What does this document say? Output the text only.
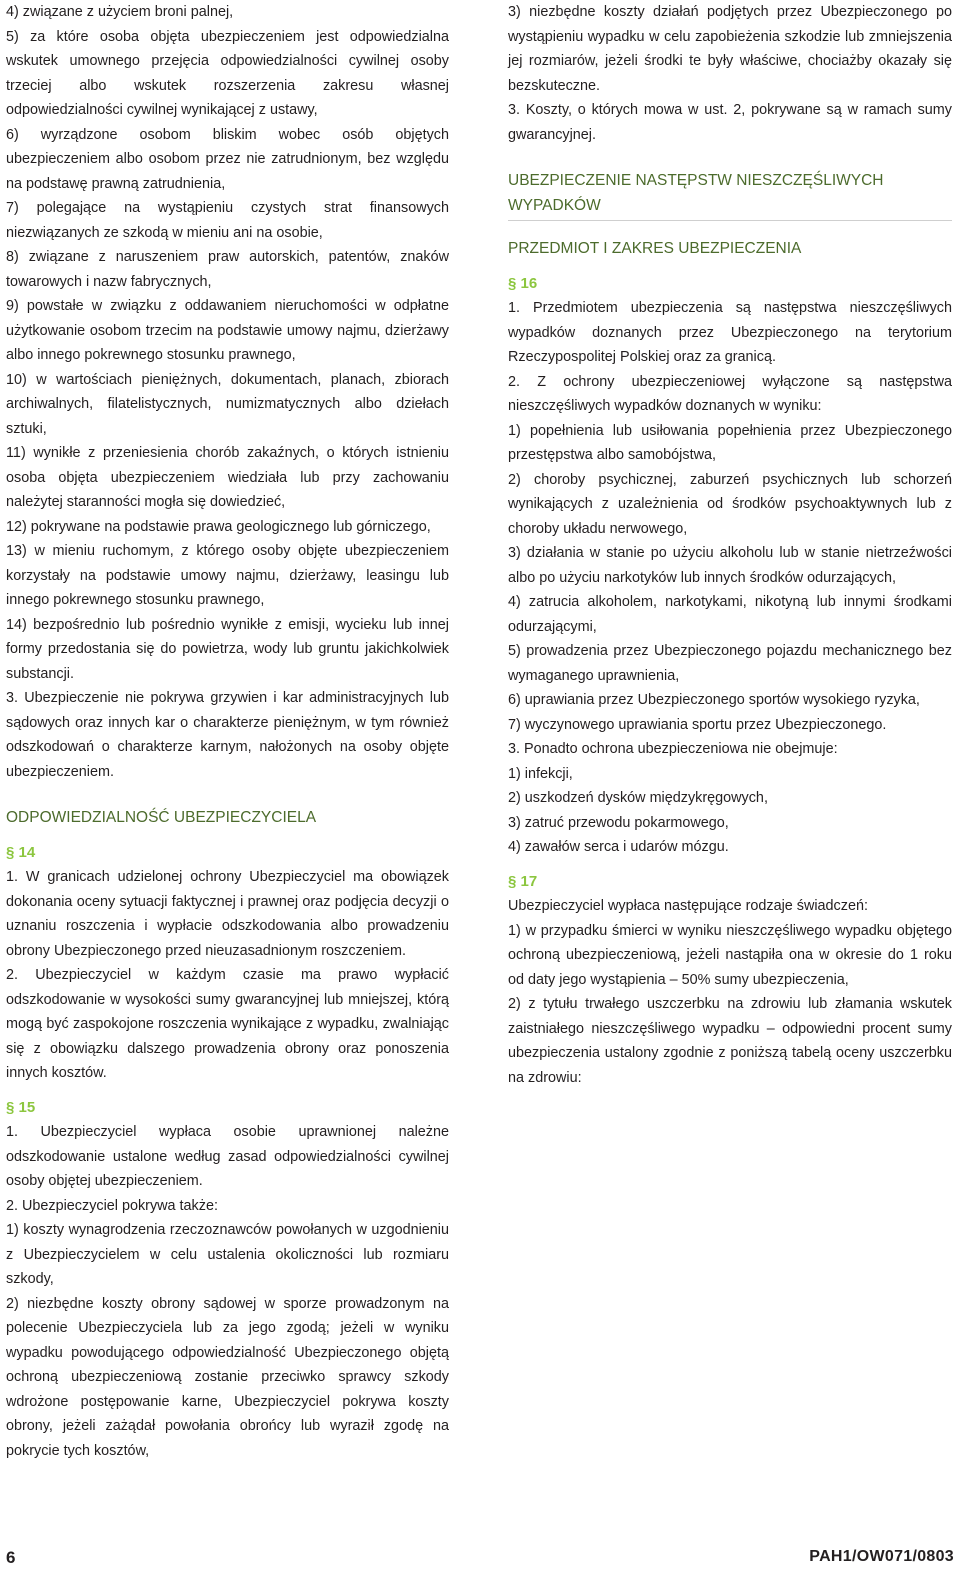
4) związane z użyciem broni palnej,

5) za które osoba objęta ubezpieczeniem jest odpowiedzialna wskutek umownego przejęcia odpowiedzialności cywilnej osoby trzeciej albo wskutek rozszerzenia zakresu własnej odpowiedzialności cywilnej wynikającej z ustawy,

6) wyrządzone osobom bliskim wobec osób objętych ubezpieczeniem albo osobom przez nie zatrudnionym, bez względu na podstawę prawną zatrudnienia,

7) polegające na wystąpieniu czystych strat finansowych niezwiązanych ze szkodą w mieniu ani na osobie,

8) związane z naruszeniem praw autorskich, patentów, znaków towarowych i nazw fabrycznych,

9) powstałe w związku z oddawaniem nieruchomości w odpłatne użytkowanie osobom trzecim na podstawie umowy najmu, dzierżawy albo innego pokrewnego stosunku prawnego,

10) w wartościach pieniężnych, dokumentach, planach, zbiorach archiwalnych, filatelistycznych, numizmatycznych albo dziełach sztuki,

11) wynikłe z przeniesienia chorób zakaźnych, o których istnieniu osoba objęta ubezpieczeniem wiedziała lub przy zachowaniu należytej staranności mogła się dowiedzieć,

12) pokrywane na podstawie prawa geologicznego lub górniczego,

13) w mieniu ruchomym, z którego osoby objęte ubezpieczeniem korzystały na podstawie umowy najmu, dzierżawy, leasingu lub innego pokrewnego stosunku prawnego,

14) bezpośrednio lub pośrednio wynikłe z emisji, wycieku lub innej formy przedostania się do powietrza, wody lub gruntu jakichkolwiek substancji.

3. Ubezpieczenie nie pokrywa grzywien i kar administracyjnych lub sądowych oraz innych kar o charakterze pieniężnym, w tym również odszkodowań o charakterze karnym, nałożonych na osoby objęte ubezpieczeniem.

ODPOWIEDZIALNOŚĆ UBEZPIECZYCIELA

§ 14

1. W granicach udzielonej ochrony Ubezpieczyciel ma obowiązek dokonania oceny sytuacji faktycznej i prawnej oraz podjęcia decyzji o uznaniu roszczenia i wypłacie odszkodowania albo prowadzeniu obrony Ubezpieczonego przed nieuzasadnionym roszczeniem.

2. Ubezpieczyciel w każdym czasie ma prawo wypłacić odszkodowanie w wysokości sumy gwarancyjnej lub mniejszej, którą mogą być zaspokojone roszczenia wynikające z wypadku, zwalniając się z obowiązku dalszego prowadzenia obrony oraz ponoszenia innych kosztów.

§ 15

1. Ubezpieczyciel wypłaca osobie uprawnionej należne odszkodowanie ustalone według zasad odpowiedzialności cywilnej osoby objętej ubezpieczeniem.

2. Ubezpieczyciel pokrywa także:

1) koszty wynagrodzenia rzeczoznawców powołanych w uzgodnieniu z Ubezpieczycielem w celu ustalenia okoliczności lub rozmiaru szkody,

2) niezbędne koszty obrony sądowej w sporze prowadzonym na polecenie Ubezpieczyciela lub za jego zgodą; jeżeli w wyniku wypadku powodującego odpowiedzialność Ubezpieczonego objętą ochroną ubezpieczeniową zostanie przeciwko sprawcy szkody wdrożone postępowanie karne, Ubezpieczyciel pokrywa koszty obrony, jeżeli zażądał powołania obrońcy lub wyraził zgodę na pokrycie tych kosztów,

3) niezbędne koszty działań podjętych przez Ubezpieczonego po wystąpieniu wypadku w celu zapobieżenia szkodzie lub zmniejszenia jej rozmiarów, jeżeli środki te były właściwe, chociażby okazały się bezskuteczne.

3. Koszty, o których mowa w ust. 2, pokrywane są w ramach sumy gwarancyjnej.

UBEZPIECZENIE NASTĘPSTW NIESZCZĘŚLIWYCH WYPADKÓW

PRZEDMIOT I ZAKRES UBEZPIECZENIA

§ 16

1. Przedmiotem ubezpieczenia są następstwa nieszczęśliwych wypadków doznanych przez Ubezpieczonego na terytorium Rzeczypospolitej Polskiej oraz za granicą.

2. Z ochrony ubezpieczeniowej wyłączone są następstwa nieszczęśliwych wypadków doznanych w wyniku:

1) popełnienia lub usiłowania popełnienia przez Ubezpieczonego przestępstwa albo samobójstwa,

2) choroby psychicznej, zaburzeń psychicznych lub schorzeń wynikających z uzależnienia od środków psychoaktywnych lub z choroby układu nerwowego,

3) działania w stanie po użyciu alkoholu lub w stanie nietrzeźwości albo po użyciu narkotyków lub innych środków odurzających,

4) zatrucia alkoholem, narkotykami, nikotyną lub innymi środkami odurzającymi,

5) prowadzenia przez Ubezpieczonego pojazdu mechanicznego bez wymaganego uprawnienia,

6) uprawiania przez Ubezpieczonego sportów wysokiego ryzyka,

7) wyczynowego uprawiania sportu przez Ubezpieczonego.

3. Ponadto ochrona ubezpieczeniowa nie obejmuje:

1) infekcji,

2) uszkodzeń dysków międzykręgowych,

3) zatruć przewodu pokarmowego,

4) zawałów serca i udarów mózgu.

§ 17

Ubezpieczyciel wypłaca następujące rodzaje świadczeń:

1) w przypadku śmierci w wyniku nieszczęśliwego wypadku objętego ochroną ubezpieczeniową, jeżeli nastąpiła ona w okresie do 1 roku od daty jego wystąpienia – 50% sumy ubezpieczenia,

2) z tytułu trwałego uszczerbku na zdrowiu lub złamania wskutek zaistniałego nieszczęśliwego wypadku – odpowiedni procent sumy ubezpieczenia ustalony zgodnie z poniższą tabelą oceny uszczerbku na zdrowiu:

6	PAH1/OW071/0803
